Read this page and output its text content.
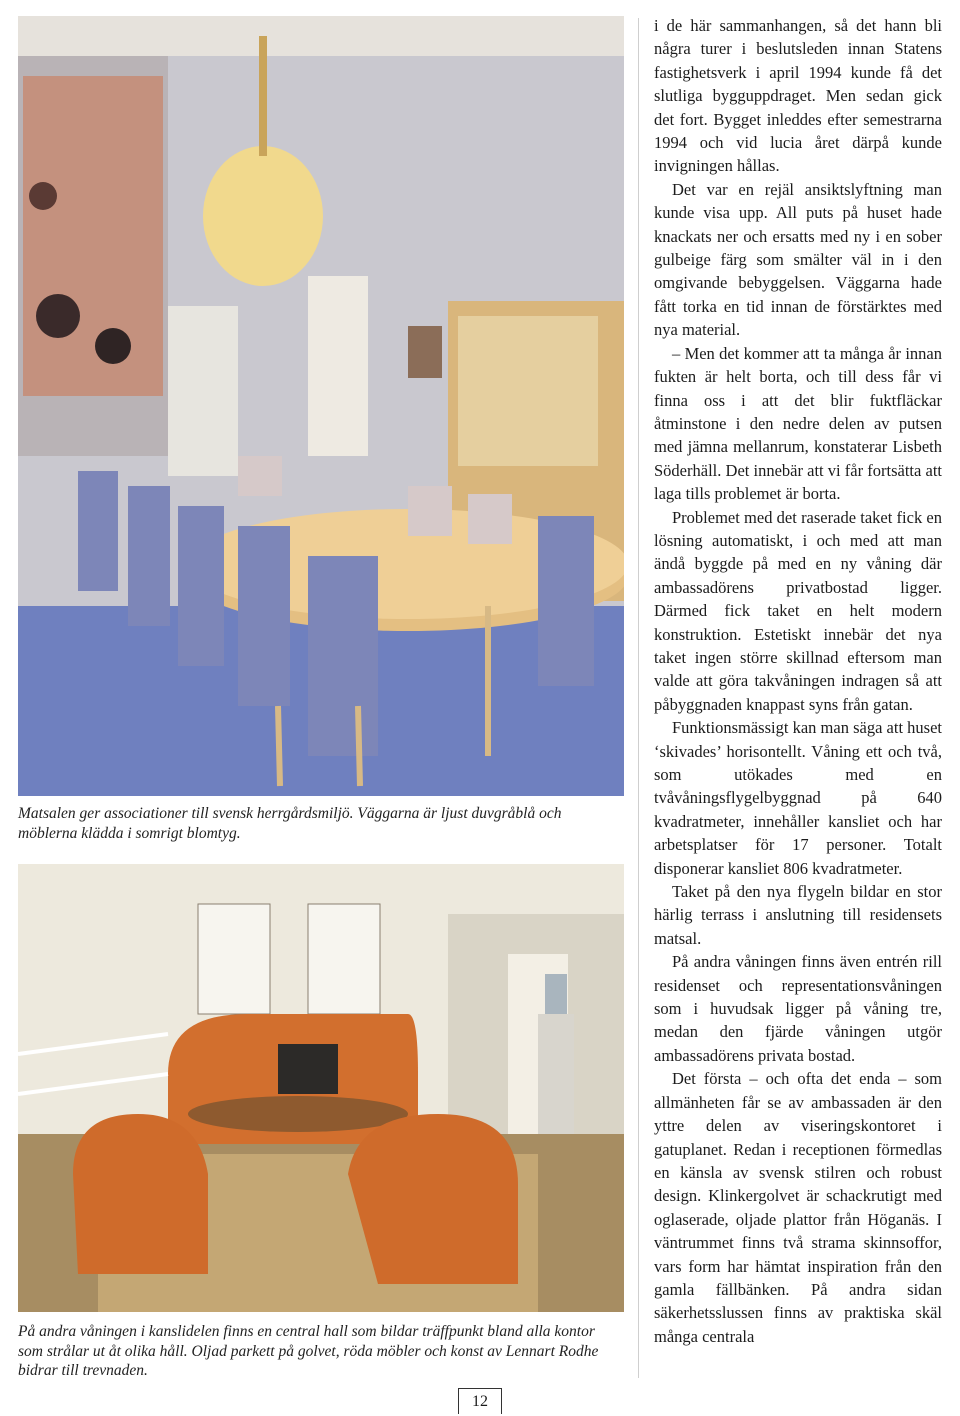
Matsalen ger associationer till svensk herrgårdsmiljö. Väggarna är ljust duvgråblå och möblerna klädda i somrigt blomtyg.
På andra våningen i kanslidelen finns en central hall som bildar träffpunkt bland alla kontor som strålar ut åt olika håll. Oljad parkett på golvet, röda möbler och konst av Lennart Rodhe bidrar till trevnaden.

i de här sammanhangen, så det hann bli några turer i beslutsleden innan Statens fastighetsverk i april 1994 kunde få det slutliga bygguppdraget. Men sedan gick det fort. Bygget inleddes efter semestrarna 1994 och vid lucia året därpå kunde invigningen hållas.

Det var en rejäl ansiktslyftning man kunde visa upp. All puts på huset hade knackats ner och ersatts med ny i en sober gulbeige färg som smälter väl in i den omgivande bebyggelsen. Väggarna hade fått torka en tid innan de förstärktes med nya material.

– Men det kommer att ta många år innan fukten är helt borta, och till dess får vi finna oss i att det blir fuktfläckar åtminstone i den nedre delen av putsen med jämna mellanrum, konstaterar Lisbeth Söderhäll. Det innebär att vi får fortsätta att laga tills problemet är borta.

Problemet med det raserade taket fick en lösning automatiskt, i och med att man ändå byggde på med en ny våning där ambassadörens privatbostad ligger. Därmed fick taket en helt modern konstruktion. Estetiskt innebär det nya taket ingen större skillnad eftersom man valde att göra takvåningen indragen så att påbyggnaden knappast syns från gatan.

Funktionsmässigt kan man säga att huset ‘skivades’ horisontellt. Våning ett och två, som utökades med en tvåvåningsflygelbyggnad på 640 kvadratmeter, innehåller kansliet och har arbetsplatser för 17 personer. Totalt disponerar kansliet 806 kvadratmeter.

Taket på den nya flygeln bildar en stor härlig terrass i anslutning till residensets matsal.

På andra våningen finns även entrén rill residenset och representationsvåningen som i huvudsak ligger på våning tre, medan den fjärde våningen utgör ambassadörens privata bostad.

Det första – och ofta det enda – som allmänheten får se av ambassaden är den yttre delen av viseringskontoret i gatuplanet. Redan i receptionen förmedlas en känsla av svensk stilren och robust design. Klinkergolvet är schackrutigt med oglaserade, oljade plattor från Höganäs. I väntrummet finns två strama skinnsoffor, vars form har hämtat inspiration från den gamla fällbänken. På andra sidan säkerhetsslussen finns av praktiska skäl många centrala

12
